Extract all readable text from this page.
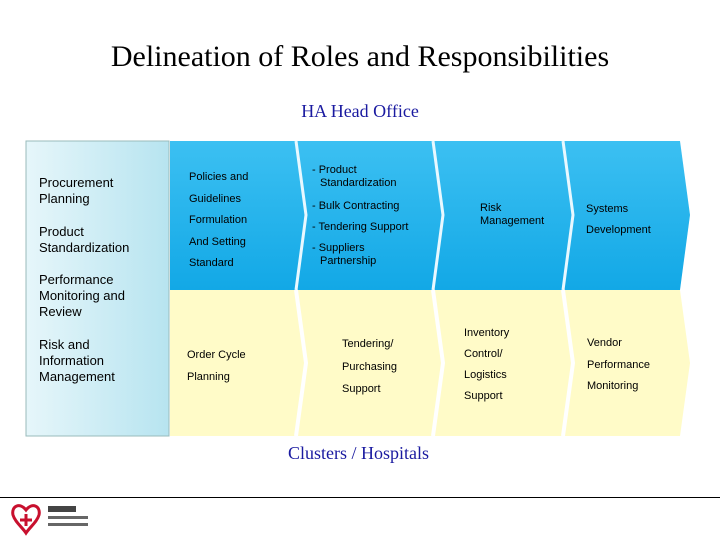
Delineation of Roles and Responsibilities
HA Head Office
Procurement
Planning
Product
Standardization
Performance
Monitoring and
Review
Risk and
Information
Management
Policies and
Guidelines
Formulation
And Setting
Standard
- Product
Standardization
- Bulk Contracting
- Tendering Support
- Suppliers
Partnership
Risk
Management
Systems
Development
Order Cycle
Planning
Tendering/
Purchasing
Support
Inventory
Control/
Logistics
Support
Vendor
Performance
Monitoring
Clusters / Hospitals
